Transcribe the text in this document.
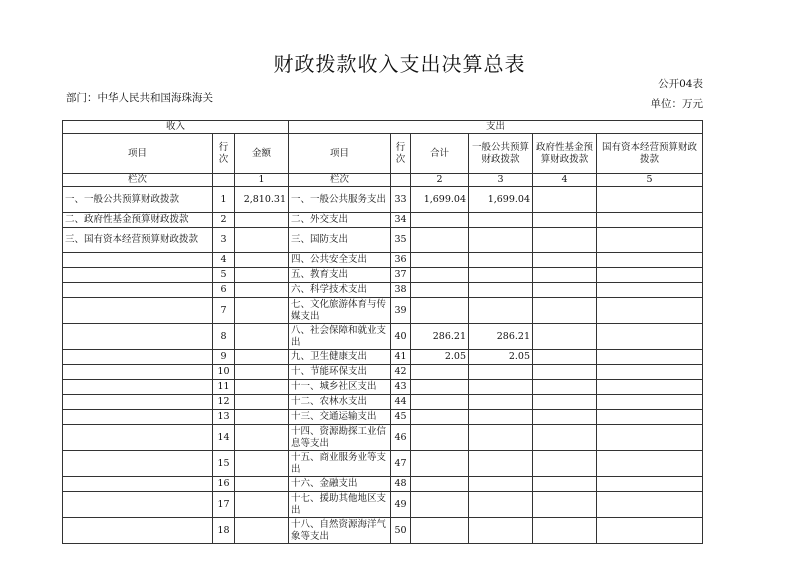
财政拨款收入支出决算总表
公开04表
部门：中华人民共和国海珠海关	单位：万元
收入			支出					
项目	行次	金额	项目	行次	合计	一般公共预算财政拨款	政府性基金预算财政拨款	国有资本经营预算财政拨款
栏次		1	栏次		2	3	4	5
一、一般公共预算财政拨款	1	2,810.31	一、一般公共服务支出	33	1,699.04	1,699.04		
二、政府性基金预算财政拨款	2		二、外交支出	34				
三、国有资本经营预算财政拨款	3		三、国防支出	35				
	4		四、公共安全支出	36				
	5		五、教育支出	37				
	6		六、科学技术支出	38				
	7		七、文化旅游体育与传媒支出	39				
	8		八、社会保障和就业支出	40	286.21	286.21		
	9		九、卫生健康支出	41	2.05	2.05		
	10		十、节能环保支出	42				
	11		十一、城乡社区支出	43				
	12		十二、农林水支出	44				
	13		十三、交通运输支出	45				
	14		十四、资源勘探工业信息等支出	46				
	15		十五、商业服务业等支出	47				
	16		十六、金融支出	48				
	17		十七、援助其他地区支出	49				
	18		十八、自然资源海洋气象等支出	50				
